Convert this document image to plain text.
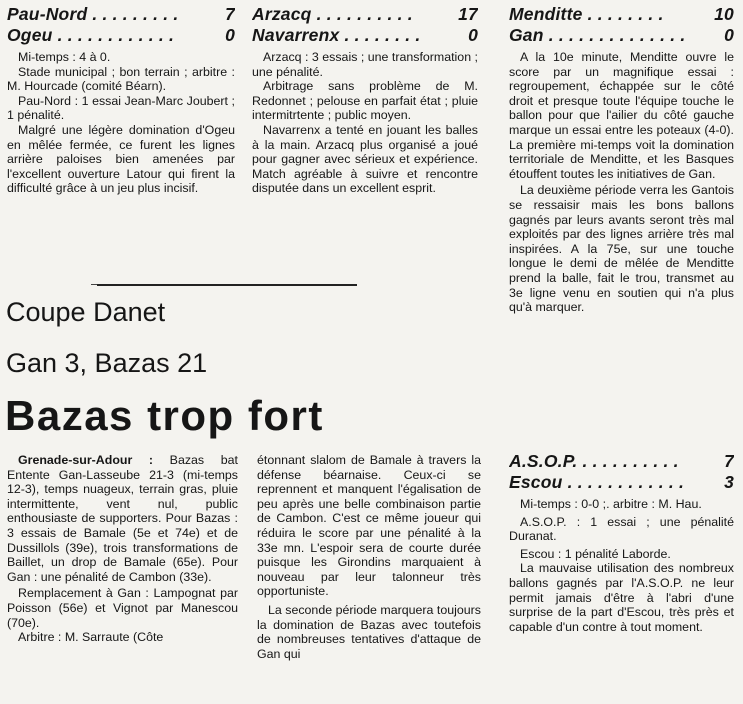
Pau-Nord . . . . . . . . .	7
Ogeu . . . . . . . . . . . .	0

Mi-temps : 4 à 0.

Stade municipal ; bon terrain ; arbitre : M. Hourcade (comité Béarn).

Pau-Nord : 1 essai Jean-Marc Joubert ; 1 pénalité.

Malgré une légère domination d'Ogeu en mêlée fermée, ce furent les lignes arrière paloises bien amenées par l'excellent ouverture Latour qui firent la difficulté grâce à un jeu plus incisif.

Arzacq . . . . . . . . . .	17
Navarrenx . . . . . . . .	0

Arzacq : 3 essais ; une transformation ; une pénalité.

Arbitrage sans problème de M. Redonnet ; pelouse en parfait état ; pluie intermitrtente ; public moyen.

Navarrenx a tenté en jouant les balles à la main. Arzacq plus organisé a joué pour gagner avec sérieux et expérience. Match agréable à suivre et rencontre disputée dans un excellent esprit.

Menditte . . . . . . . .	10
Gan . . . . . . . . . . . . . . 0

A la 10e minute, Menditte ouvre le score par un magnifique essai : regroupement, échappée sur le côté droit et presque toute l'équipe touche le ballon pour que l'ailier du côté gauche marque un essai entre les poteaux (4-0). La première mi-temps voit la domination territoriale de Menditte, et les Basques étouffent toutes les initiatives de Gan.

La deuxième période verra les Gantois se ressaisir mais les bons ballons gagnés par leurs avants seront très mal exploités par des lignes arrière très mal inspirées. A la 75e, sur une touche longue le demi de mêlée de Menditte prend la balle, fait le trou, transmet au 3e ligne venu en soutien qui n'a plus qu'à marquer.

A.S.O.P. . . . . . . . . . .	7
Escou . . . . . . . . . . . . 3

Mi-temps : 0-0 ;. arbitre : M. Hau.

A.S.O.P. : 1 essai ; une pénalité Duranat.

Escou : 1 pénalité Laborde.

La mauvaise utilisation des nombreux ballons gagnés par l'A.S.O.P. ne leur permit jamais d'être à l'abri d'une surprise de la part d'Escou, très près et capable d'un contre à tout moment.

Coupe Danet
Gan 3, Bazas 21
Bazas trop fort

Grenade-sur-Adour : Bazas bat Entente Gan-Lasseube 21-3 (mi-temps 12-3), temps nuageux, terrain gras, pluie intermittente, vent nul, public enthousiaste de supporters. Pour Bazas : 3 essais de Bamale (5e et 74e) et de Dussillols (39e), trois transformations de Baillet, un drop de Bamale (65e). Pour Gan : une pénalité de Cambon (33e).

Remplacement à Gan : Lampognat par Poisson (56e) et Vignot par Manescou (70e).

Arbitre : M. Sarraute (Côte

étonnant slalom de Bamale à travers la défense béarnaise. Ceux-ci se reprennent et manquent l'égalisation de peu après une belle combinaison partie de Cambon. C'est ce même joueur qui réduira le score par une pénalité à la 33e mn. L'espoir sera de courte durée puisque les Girondins marquaient à nouveau par leur talonneur très opportuniste.

La seconde période marquera toujours la domination de Bazas avec toutefois de nombreuses tentatives d'attaque de Gan qui
